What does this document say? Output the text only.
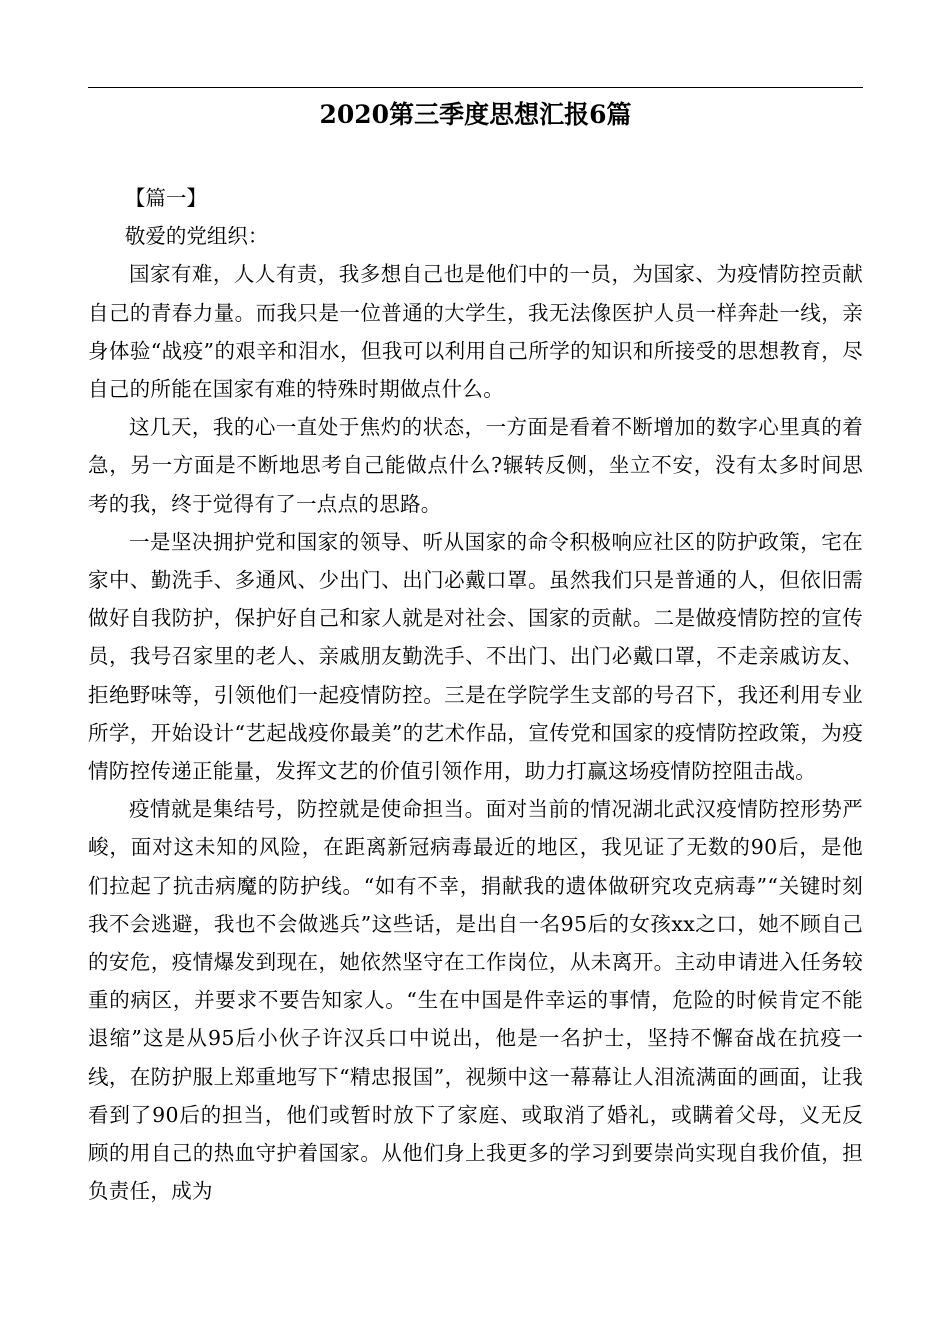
2020第三季度思想汇报6篇

【篇一】

敬爱的党组织：

国家有难，人人有责，我多想自己也是他们中的一员，为国家、为疫情防控贡献自己的青春力量。而我只是一位普通的大学生，我无法像医护人员一样奔赴一线，亲身体验“战疫”的艰辛和泪水，但我可以利用自己所学的知识和所接受的思想教育，尽自己的所能在国家有难的特殊时期做点什么。

这几天，我的心一直处于焦灼的状态，一方面是看着不断增加的数字心里真的着急，另一方面是不断地思考自己能做点什么?辗转反侧，坐立不安，没有太多时间思考的我，终于觉得有了一点点的思路。

一是坚决拥护党和国家的领导、听从国家的命令积极响应社区的防护政策，宅在家中、勤洗手、多通风、少出门、出门必戴口罩。虽然我们只是普通的人，但依旧需做好自我防护，保护好自己和家人就是对社会、国家的贡献。二是做疫情防控的宣传员，我号召家里的老人、亲戚朋友勤洗手、不出门、出门必戴口罩，不走亲戚访友、拒绝野味等，引领他们一起疫情防控。三是在学院学生支部的号召下，我还利用专业所学，开始设计“艺起战疫你最美”的艺术作品，宣传党和国家的疫情防控政策，为疫情防控传递正能量，发挥文艺的价值引领作用，助力打赢这场疫情防控阻击战。

疫情就是集结号，防控就是使命担当。面对当前的情况湖北武汉疫情防控形势严峻，面对这未知的风险，在距离新冠病毒最近的地区，我见证了无数的90后，是他们拉起了抗击病魔的防护线。“如有不幸，捐献我的遗体做研究攻克病毒”“关键时刻我不会逃避，我也不会做逃兵”这些话，是出自一名95后的女孩xx之口，她不顾自己的安危，疫情爆发到现在，她依然坚守在工作岗位，从未离开。主动申请进入任务较重的病区，并要求不要告知家人。“生在中国是件幸运的事情，危险的时候肯定不能退缩”这是从95后小伙子许汉兵口中说出，他是一名护士，坚持不懈奋战在抗疫一线，在防护服上郑重地写下“精忠报国”，视频中这一幕幕让人泪流满面的画面，让我看到了90后的担当，他们或暂时放下了家庭、或取消了婚礼，或瞒着父母，义无反顾的用自己的热血守护着国家。从他们身上我更多的学习到要崇尚实现自我价值，担负责任，成为
